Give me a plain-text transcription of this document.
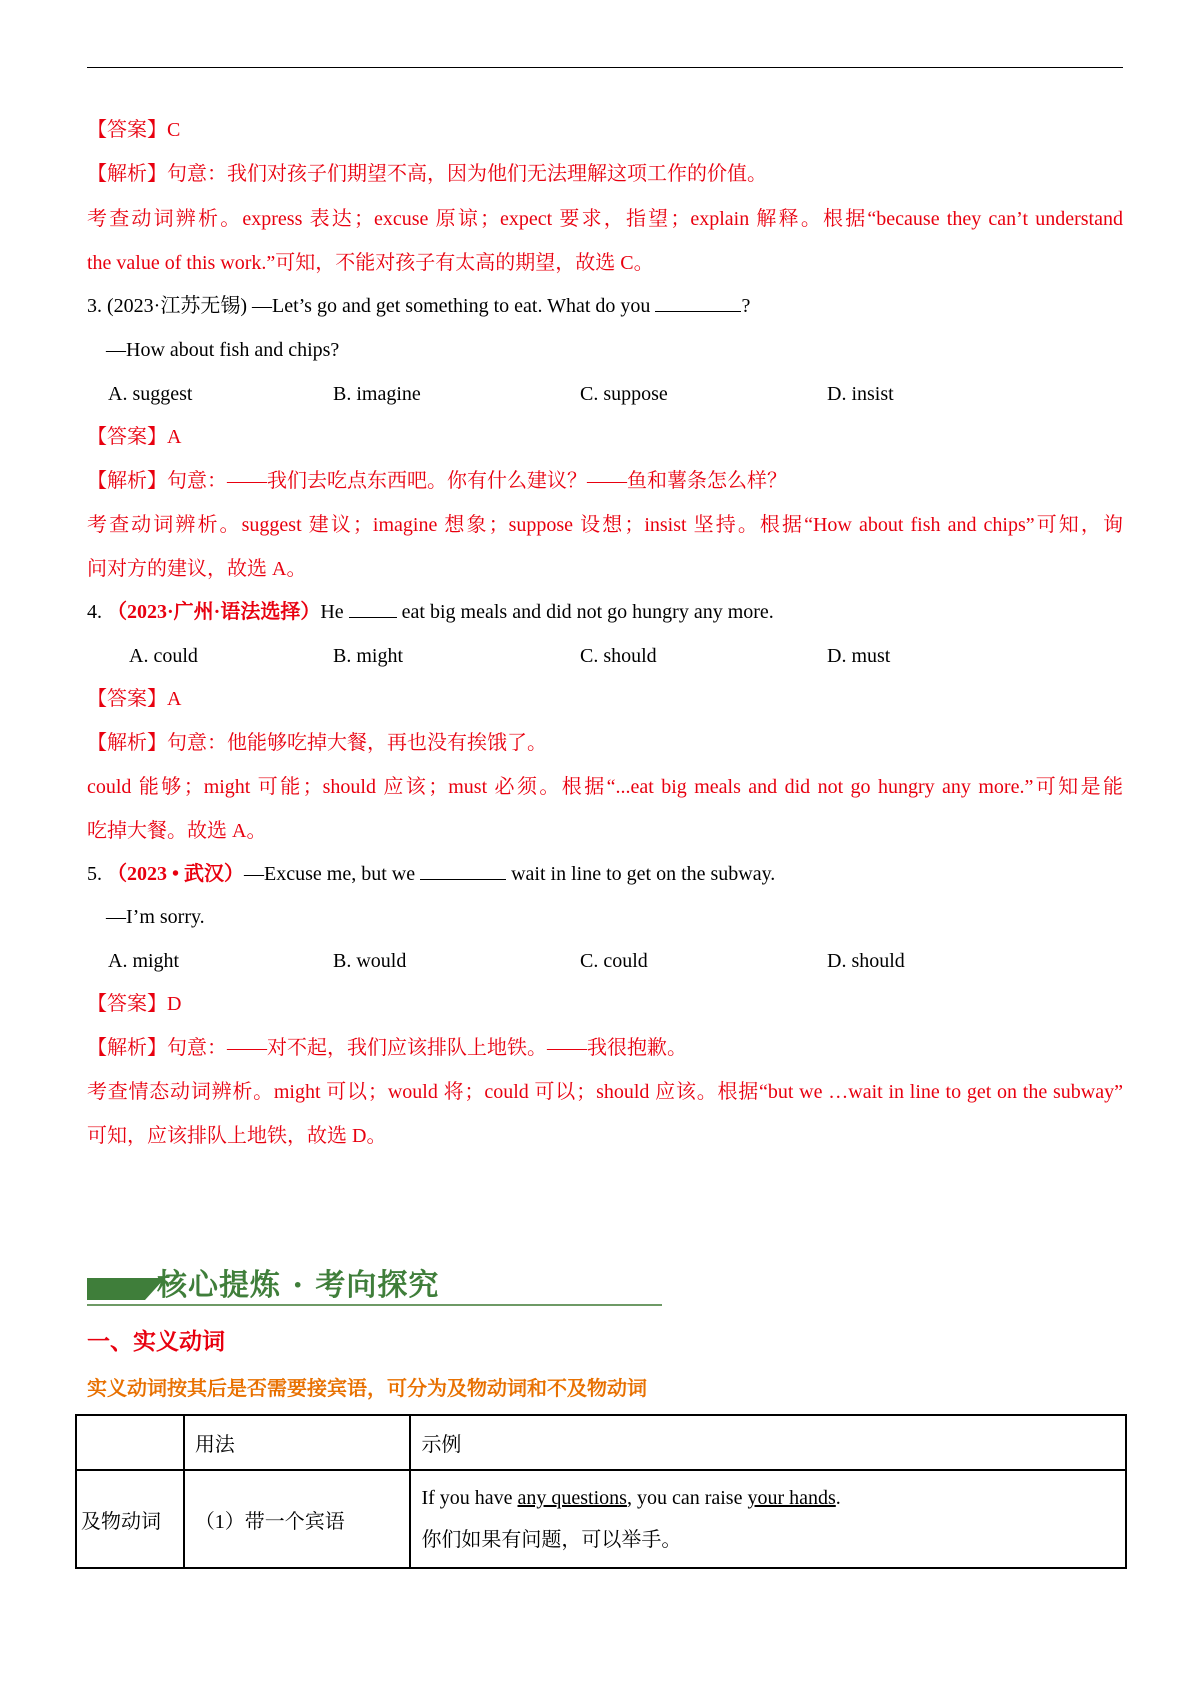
【答案】C
【解析】句意：我们对孩子们期望不高，因为他们无法理解这项工作的价值。
考查动词辨析。express 表达；excuse 原谅；expect 要求，指望；explain 解释。根据“because they can’t understand
the value of this work.”可知，不能对孩子有太高的期望，故选 C。
3. (2023·江苏无锡) —Let’s go and get something to eat. What do you	?
—How about fish and chips?
A. suggest	B. imagine	C. suppose	D. insist
【答案】A
【解析】句意：——我们去吃点东西吧。你有什么建议？——鱼和薯条怎么样？
考查动词辨析。suggest 建议；imagine 想象；suppose 设想；insist 坚持。根据“How about fish and chips”可知，询
问对方的建议，故选 A。
4. （2023·广州·语法选择）He  eat big meals and did not go hungry any more.
A. could	B. might	C. should	D. must
【答案】A
【解析】句意：他能够吃掉大餐，再也没有挨饿了。
could 能够；might 可能；should 应该；must 必须。根据“...eat big meals and did not go hungry any more.”可知是能
吃掉大餐。故选 A。
5. （2023 • 武汉）—Excuse me, but we	wait in line to get on the subway.
—I’m sorry.
A. might	B. would	C. could	D. should
【答案】D
【解析】句意：——对不起，我们应该排队上地铁。——我很抱歉。
考查情态动词辨析。might 可以；would 将；could 可以；should 应该。根据“but we …wait in line to get on the subway”
可知，应该排队上地铁，故选 D。
核心提炼 · 考向探究
一、实义动词
实义动词按其后是否需要接宾语，可分为及物动词和不及物动词
	用法	示例
及物动词	（1）带一个宾语	If you have any questions, you can raise your hands.
你们如果有问题，可以举手。
